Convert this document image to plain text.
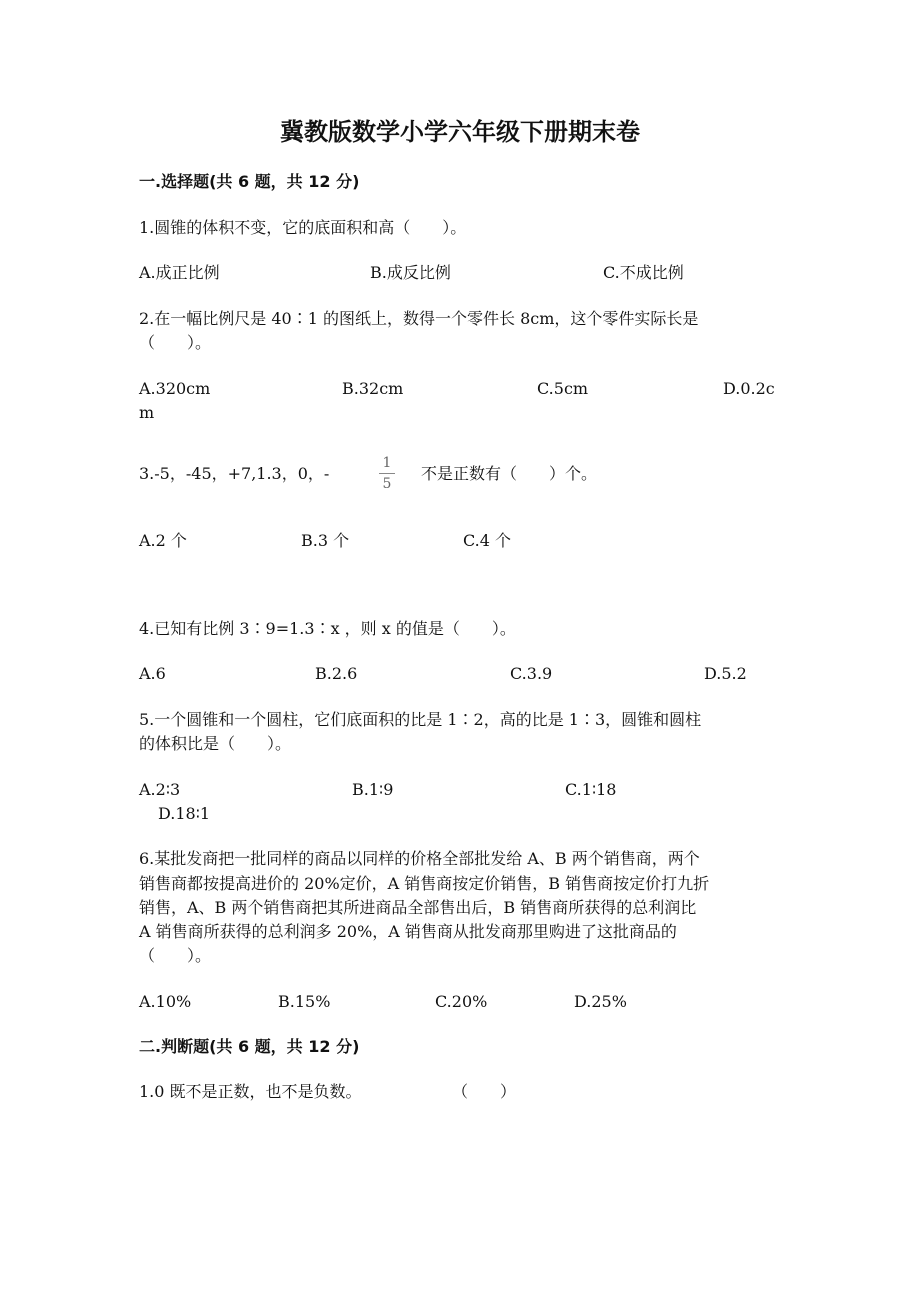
冀教版数学小学六年级下册期末卷
一.选择题(共 6 题，共 12 分)
1.圆锥的体积不变，它的底面积和高（　　）。
A.成正比例	B.成反比例	C.不成比例
2.在一幅比例尺是 40∶1 的图纸上，数得一个零件长 8cm，这个零件实际长是
（　　）。
A.320cm	B.32cm	C.5cm	D.0.2c
m
3.-5，-45，+7,1.3，0，-
1
5
不是正数有（　　）个。
A.2 个	B.3 个	C.4 个
4.已知有比例 3∶9=1.3∶x ，则 x 的值是（　　）。
A.6	B.2.6	C.3.9	D.5.2
5.一个圆锥和一个圆柱，它们底面积的比是 1∶2，高的比是 1∶3，圆锥和圆柱
的体积比是（　　）。
A.2∶3	B.1∶9	C.1∶18
D.18∶1
6.某批发商把一批同样的商品以同样的价格全部批发给 A、B 两个销售商，两个
销售商都按提高进价的 20%定价，A 销售商按定价销售，B 销售商按定价打九折
销售，A、B 两个销售商把其所进商品全部售出后，B 销售商所获得的总利润比
A 销售商所获得的总利润多 20%，A 销售商从批发商那里购进了这批商品的
（　　）。
A.10%	B.15%	C.20%	D.25%
二.判断题(共 6 题，共 12 分)
1.0 既不是正数，也不是负数。	（　　）
